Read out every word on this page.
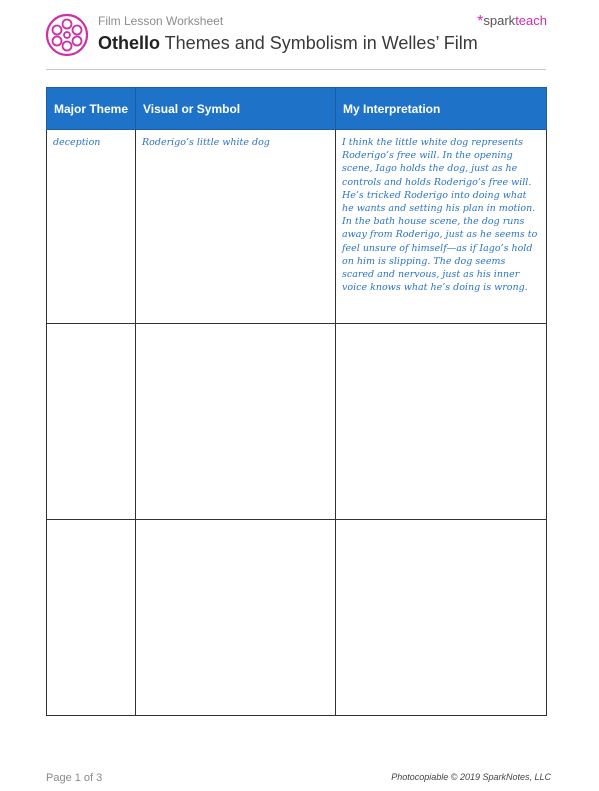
Film Lesson Worksheet
Othello Themes and Symbolism in Welles’ Film
*sparkteach
Major Theme	Visual or Symbol	My Interpretation
deception	Roderigo’s little white dog	I think the little white dog represents Roderigo’s free will. In the opening scene, Iago holds the dog, just as he controls and holds Roderigo’s free will. He’s tricked Roderigo into doing what he wants and setting his plan in motion. In the bath house scene, the dog runs away from Roderigo, just as he seems to feel unsure of himself—as if Iago’s hold on him is slipping. The dog seems scared and nervous, just as his inner voice knows what he’s doing is wrong.

Page 1 of 3	Photocopiable © 2019 SparkNotes, LLC
